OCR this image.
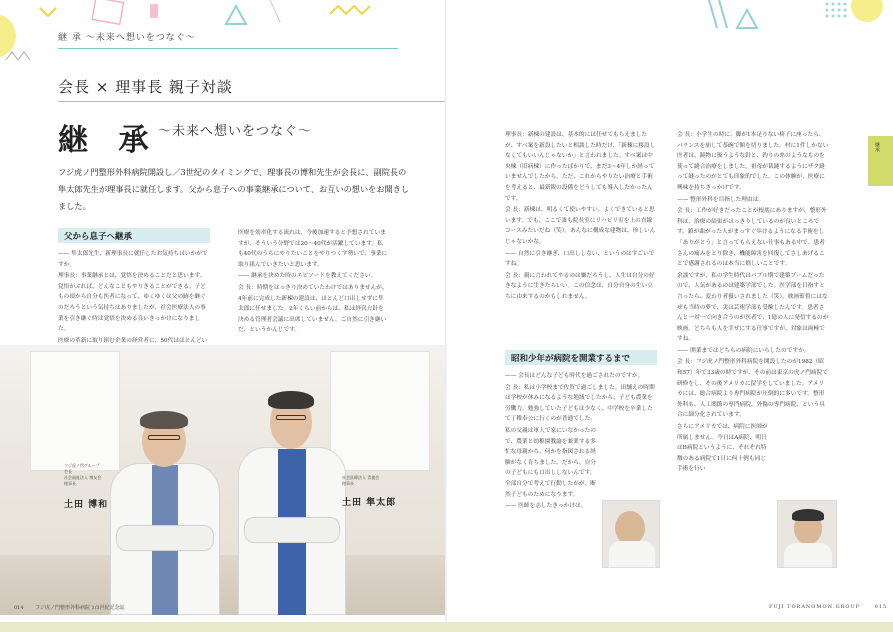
継 承 〜未来へ想いをつなぐ〜
会長 × 理事長 親子対談
継 承 〜未来へ想いをつなぐ〜
フジ虎ノ門整形外科病院開設し／3世紀のタイミングで、理事長の博和先生が会長に、副院長の隼太郎先生が理事長に就任します。父から息子への事業継承について、お互いの想いをお聞きしました。
父から息子へ継承

—— 隼太郎先生、新理事長に就任したお気持ちはいかがですか。

理事長：事業継承とは、覚悟を決めることだと思います。覚悟がぶれば、どんなこともやりきることができる。子どもの頃から自分も医者になって、ゆくゆくは父の跡を継ぐのだろうという気持ちはありましたが、社会医療法人の事業を引き継ぐ時は覚悟を決める良いきっかけになりました。

医療の革新に取り組む企業の経営者に、50代はほとんどい

医療を効率化する流れは、今後加速すると予想されていますが、そういう分野では20〜40代が活躍しています。私も40代のうちにやりたいことをやりつくす勢いで、事業に取り組んでいきたいと思います。

—— 継承を決めた時のエピソードを教えてください。

会 長：時期をはっきり決めていたわけではありませんが、4年前に完成した新棟の建設は、ほとんど口出しせずに隼太郎に任せました。2年くらい前からは、私は経営方針を決める管理者会議に出席していません。ご自然に引き継いだ、というかんじです。

フジ虎ノ門グループ
会長
社会福祉法人 博友会
理事長
土田 博和
社会医療法人 青嵐会
理事長
土田 隼太郎
014 フジ虎ノ門整形外科病院 1/3世紀記念誌

理事長：新棟の建設は、基本的には任せてもらえましたが、すべ案を新設したいと相談した時だけ、「新棟に移設しなくてもいいんじゃないか」と言われました。すべ案は中央棟（旧病棟）に作ったばかりで、まだ3〜4年しか経っていませんでしたから。ただ、これからやりたい治療と手術を考えると、最新鋭の設備をどうしても導入したかったんです。

会 長：新棟は、明るくて使いやすい。よくできていると思います。でも、ここで誰も院長室にリハビリ室を上の直線コースみたいだね（笑）。あんなに構成な建物は、珍しいんじゃないかな。

—— 自然に引き継ぎ、口出ししない、というのはすごいですね。

会 長：親に言われてやるのは嫌だろうし、人生は自分の好きなように生きたらいい。この信念は、自分自身の生い立ちに由来するのかもしれません。

昭和少年が病院を開業するまで

—— 会長はどんな子ども時代を過ごされたのですか。

会 長：私は小学校まで佐賀で過ごしました。田舗えの時期は学校が休みになるような地域でしたから、子ども農業を労働力。勉強していた子どもは少なく、中学校を卒業したて丁稚奉公に行くのが普通でした。

私の父親は軍人で家にいなかったので、農業と幼稚園教諭を兼業する多忙な母親から、何かを指図される経験がなく育ちました。だから、自分の子どもにも口出ししないんです。全部自分で考えて行動したがが、断然子どものためになります。

—— 医師を志したきっかけは。

会 長：小学生の時に、脚が1本足りない椅子に座ったら、バランスを崩して茶碗で額を切りました。村に1件しかない医者は、鏡物に扱うような針と、釣りの糸のようなものを使って縫合治療をしました。祖母が裁縫するようにザク縫って縫ったのがとても印象的でした。この体験が、医療に興味を持ちきっかけです。

—— 整形外科を目指した理由は。

会 長：工作が好きだったことが根底にありますが、整形外科は、治療の結果がはっきりしているのが良いところです。鎖が曲がった人がまっすぐ歩けるようになる手術をし「ありがとう」と言ってもらえない仕事もある中で、患者さんの痛みをとり除き、機能障害を回復してさしあげることで感謝されるのは本当に嬉しいことです。

余談ですが、私の学生時代はバブル期で建築ブームだったので、人気があるのは建築学部でした。医学部を目指すと言ったら、変わり者扱いされました（笑）。映画監督にはなぜも当時の夢で、実は芸術学部も受験したんです。患者さんと一対一で向き合うのが医者で、1億の人に発信するのが映画。どちらも人を幸せにする仕事ですが、対象は両極ですね。

—— 開業まではどちらの病院にいらしたのですか。

会 長：フジ虎ノ門整形外科病院を開設したのが1982（昭和57）年で33歳の時ですが、その前は東京の虎ノ門病院で研修をし、その後アメリカに留学をしていました。アメリカには、総合病院より専門病院が圧倒的に多いです。整形外科も、人工関節の専門病院、外傷の専門病院、という具合に細分化されています。

さらにアメリカでは、病院に医師が所属しません。今日はA病院、明日はB病院というように、それぞれ特徴のある病院で1日に何十例も同じ手術を行い

FUJI TORANOMON GROUP	015
継承
